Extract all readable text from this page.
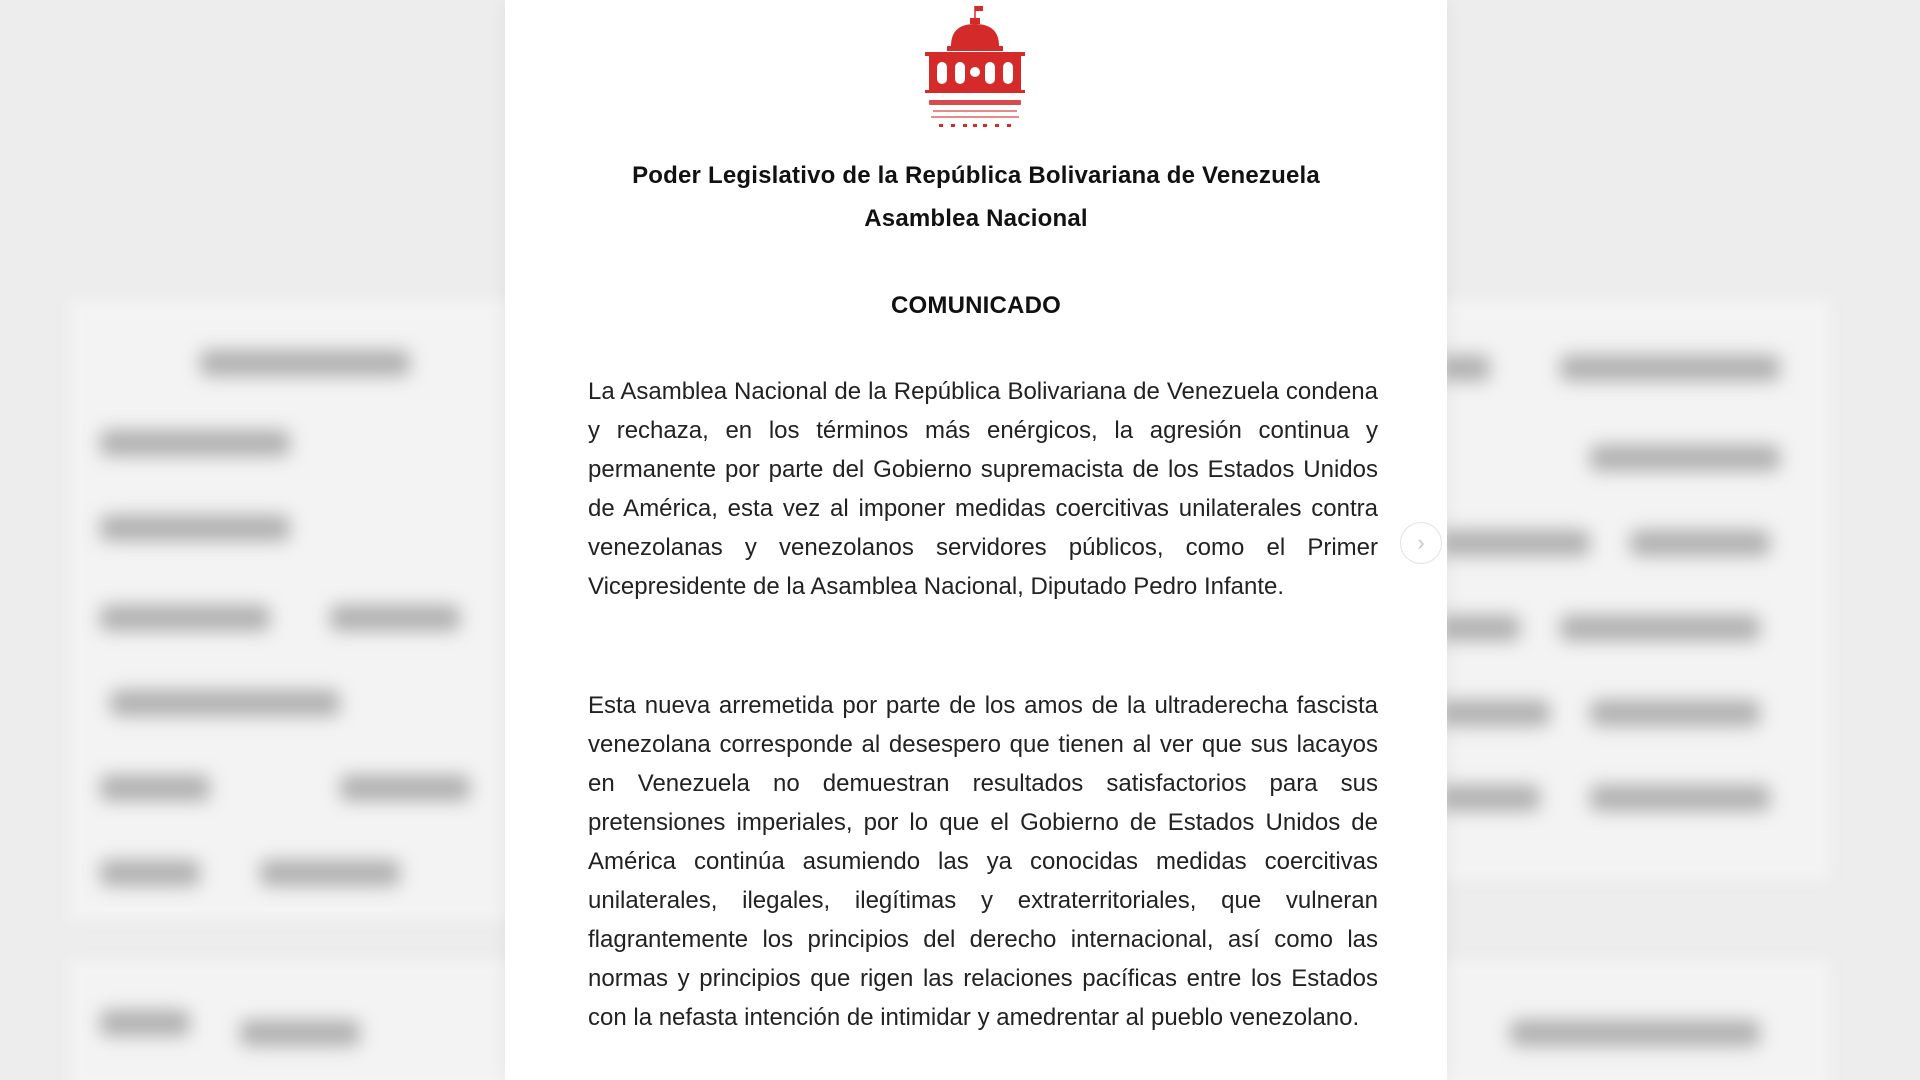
Poder Legislativo de la República Bolivariana de Venezuela
Asamblea Nacional
COMUNICADO
La Asamblea Nacional de la República Bolivariana de Venezuela condena y rechaza, en los términos más enérgicos, la agresión continua y permanente por parte del Gobierno supremacista de los Estados Unidos de América, esta vez al imponer medidas coercitivas unilaterales contra venezolanas y venezolanos servidores públicos, como el Primer Vicepresidente de la Asamblea Nacional, Diputado Pedro Infante.
Esta nueva arremetida por parte de los amos de la ultraderecha fascista venezolana corresponde al desespero que tienen al ver que sus lacayos en Venezuela no demuestran resultados satisfactorios para sus pretensiones imperiales, por lo que el Gobierno de Estados Unidos de América continúa asumiendo las ya conocidas medidas coercitivas unilaterales, ilegales, ilegítimas y extraterritoriales, que vulneran flagrantemente los principios del derecho internacional, así como las normas y principios que rigen las relaciones pacíficas entre los Estados con la nefasta intención de intimidar y amedrentar al pueblo venezolano.
›
